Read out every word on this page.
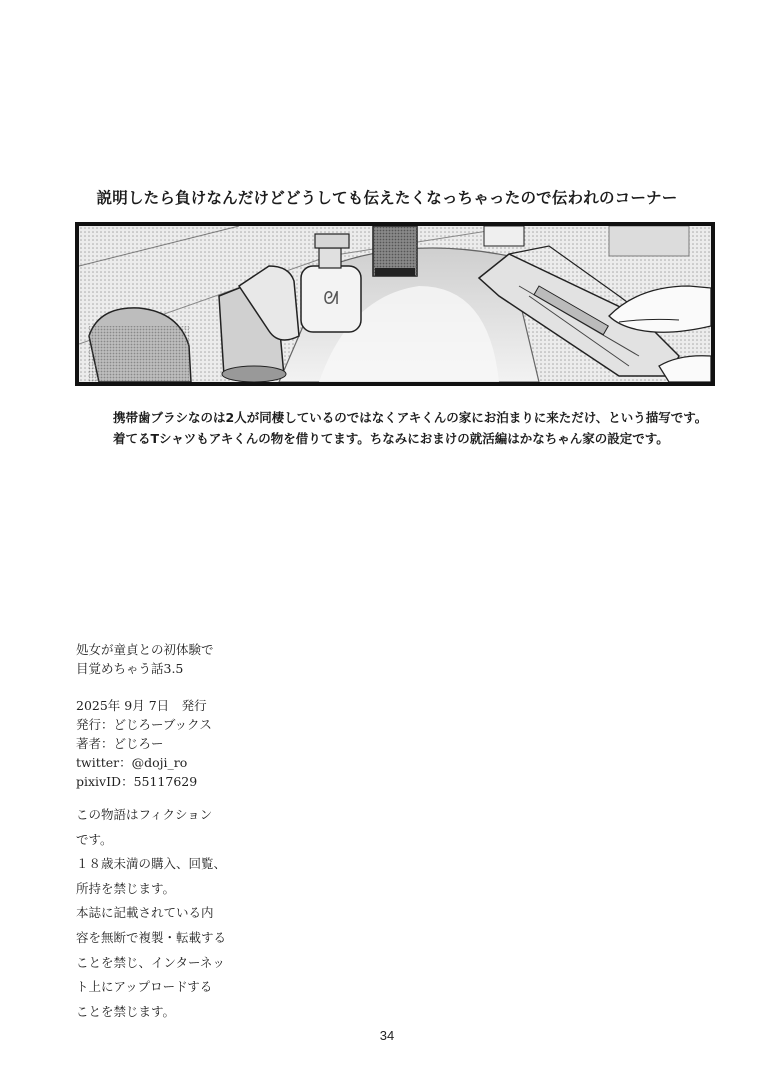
説明したら負けなんだけどどうしても伝えたくなっちゃったので伝われのコーナー
ᘛ
携帯歯ブラシなのは2人が同棲しているのではなくアキくんの家にお泊まりに来ただけ、という描写です。
着てるTシャツもアキくんの物を借りてます。ちなみにおまけの就活編はかなちゃん家の設定です。
処女が童貞との初体験で
目覚めちゃう話3.5
2025年 9月 7日　発行
発行：どじろーブックス
著者：どじろー
twitter：@doji_ro
pixivID：55117629
この物語はフィクション
です。
１８歳未満の購入、回覧、
所持を禁じます。
本誌に記載されている内
容を無断で複製・転載する
ことを禁じ、インターネッ
ト上にアップロードする
ことを禁じます。
34
